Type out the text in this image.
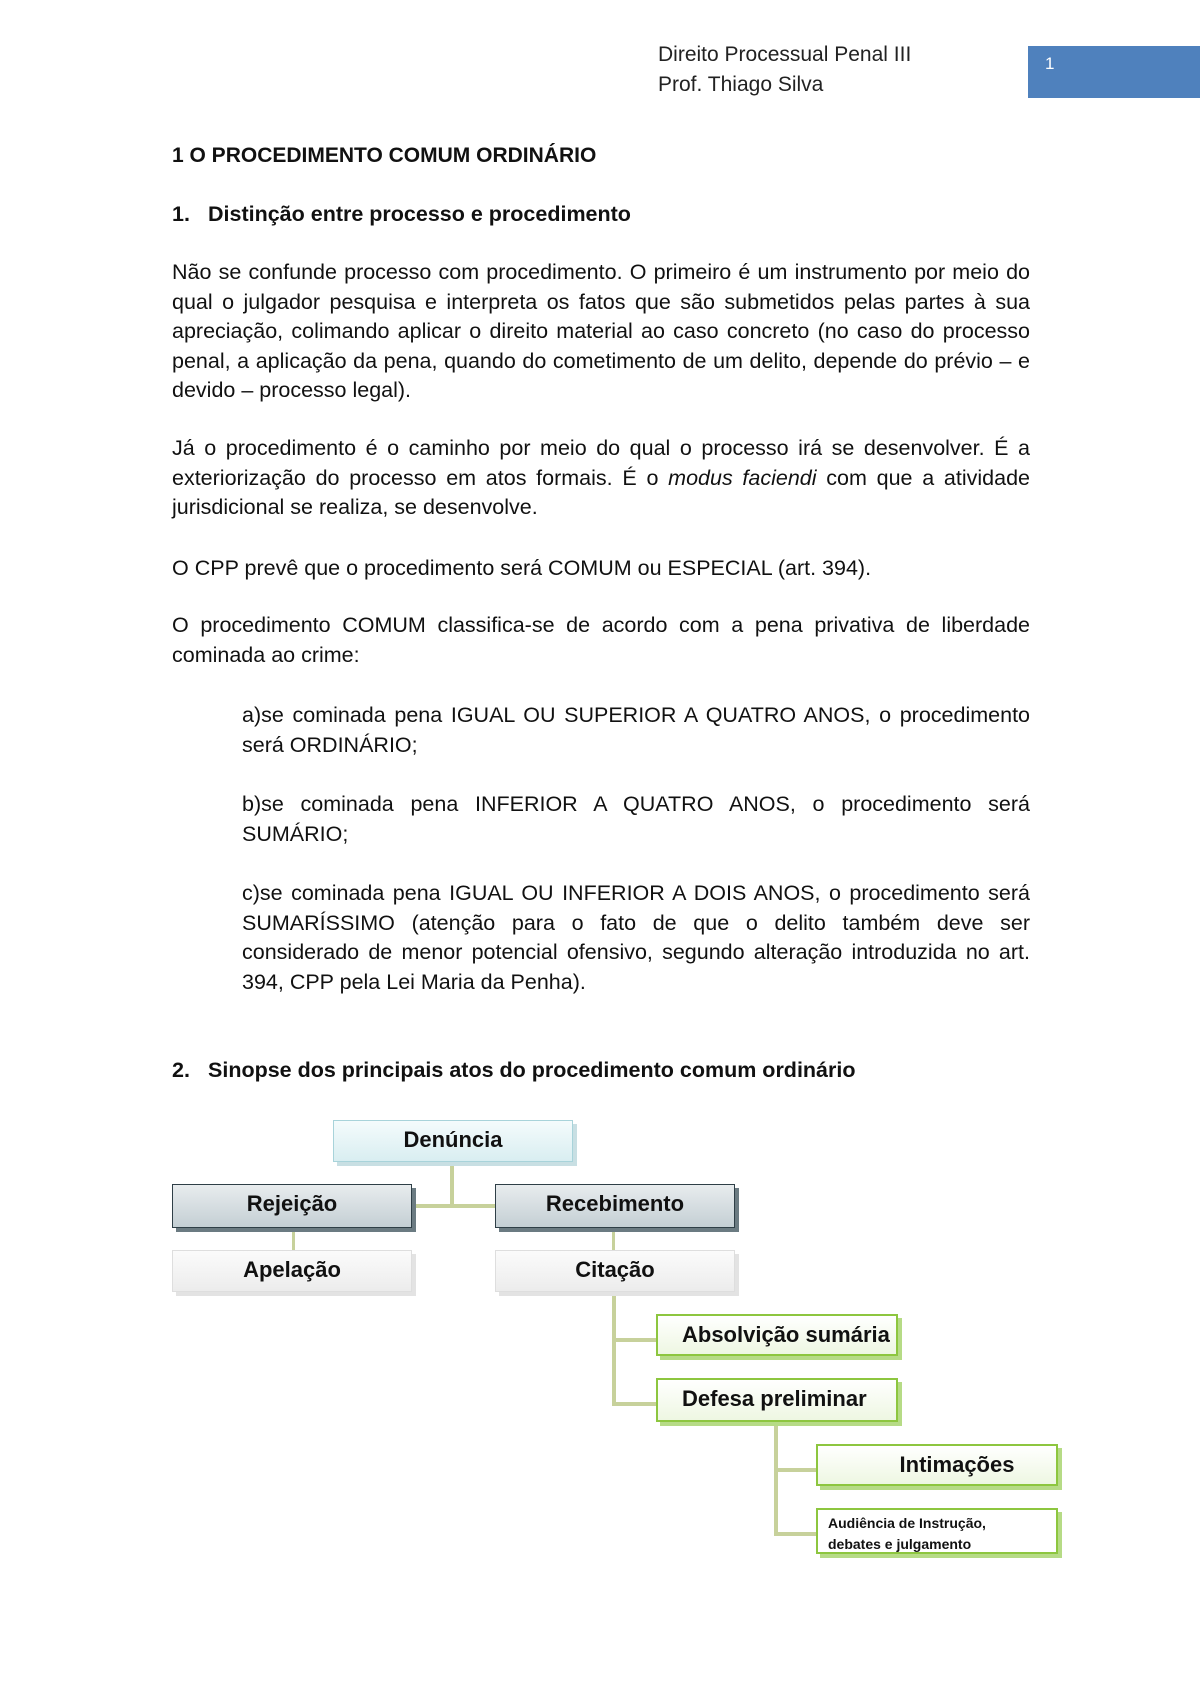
Direito Processual Penal III
Prof. Thiago Silva
1
1 O PROCEDIMENTO COMUM ORDINÁRIO
1. Distinção entre processo e procedimento
Não se confunde processo com procedimento. O primeiro é um instrumento por meio do qual o julgador pesquisa e interpreta os fatos que são submetidos pelas partes à sua apreciação, colimando aplicar o direito material ao caso concreto (no caso do processo penal, a aplicação da pena, quando do cometimento de um delito, depende do prévio – e devido – processo legal).
Já o procedimento é o caminho por meio do qual o processo irá se desenvolver. É a exteriorização do processo em atos formais. É o modus faciendi com que a atividade jurisdicional se realiza, se desenvolve.
O CPP prevê que o procedimento será COMUM ou ESPECIAL (art. 394).
O procedimento COMUM classifica-se de acordo com a pena privativa de liberdade cominada ao crime:
a)se cominada pena IGUAL OU SUPERIOR A QUATRO ANOS, o procedimento será ORDINÁRIO;
b)se cominada pena INFERIOR A QUATRO ANOS, o procedimento será SUMÁRIO;
c)se cominada pena IGUAL OU INFERIOR A DOIS ANOS, o procedimento será SUMARÍSSIMO (atenção para o fato de que o delito também deve ser considerado de menor potencial ofensivo, segundo alteração introduzida no art. 394, CPP pela Lei Maria da Penha).
2. Sinopse dos principais atos do procedimento comum ordinário
Denúncia
Rejeição	Recebimento
Apelação	Citação
Absolvição sumária
Defesa preliminar
Intimações
Audiência de Instrução,
debates e julgamento
